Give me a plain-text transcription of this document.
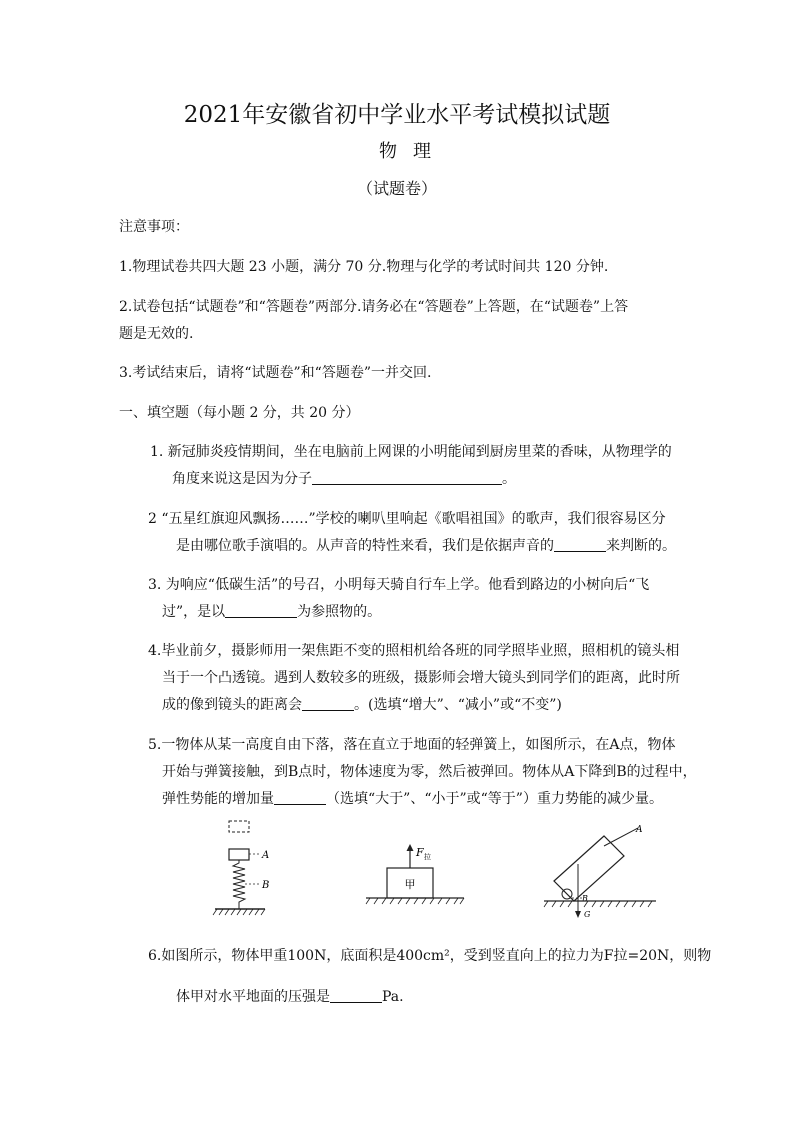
2021年安徽省初中学业水平考试模拟试题
物理
（试题卷）
注意事项：
1.物理试卷共四大题 23 小题，满分 70 分.物理与化学的考试时间共 120 分钟.
2.试卷包括“试题卷”和“答题卷”两部分.请务必在“答题卷”上答题，在“试题卷”上答
题是无效的.
3.考试结束后，请将“试题卷”和“答题卷”一并交回.
一、填空题（每小题 2 分，共 20 分）
1. 新冠肺炎疫情期间，坐在电脑前上网课的小明能闻到厨房里菜的香味，从物理学的
角度来说这是因为分子	。
2 “五星红旗迎风飘扬……”学校的喇叭里响起《歌唱祖国》的歌声，我们很容易区分
是由哪位歌手演唱的。从声音的特性来看，我们是依据声音的	来判断的。
3. 为响应“低碳生活”的号召，小明每天骑自行车上学。他看到路边的小树向后“飞
过”，是以	为参照物的。
4.毕业前夕，摄影师用一架焦距不变的照相机给各班的同学照毕业照，照相机的镜头相
当于一个凸透镜。遇到人数较多的班级，摄影师会增大镜头到同学们的距离，此时所
成的像到镜头的距离会	。(选填“增大”、“减小”或“不变”)
5.一物体从某一高度自由下落，落在直立于地面的轻弹簧上，如图所示，在A点，物体
开始与弹簧接触，到B点时，物体速度为零，然后被弹回。物体从A下降到B的过程中，
弹性势能的增加量	（选填“大于”、“小于”或“等于”）重力势能的减少量。
A
B
F 拉
甲
A
B
G
6.如图所示，物体甲重100N，底面积是400cm²，受到竖直向上的拉力为F拉=20N，则物
体甲对水平地面的压强是	Pa.
